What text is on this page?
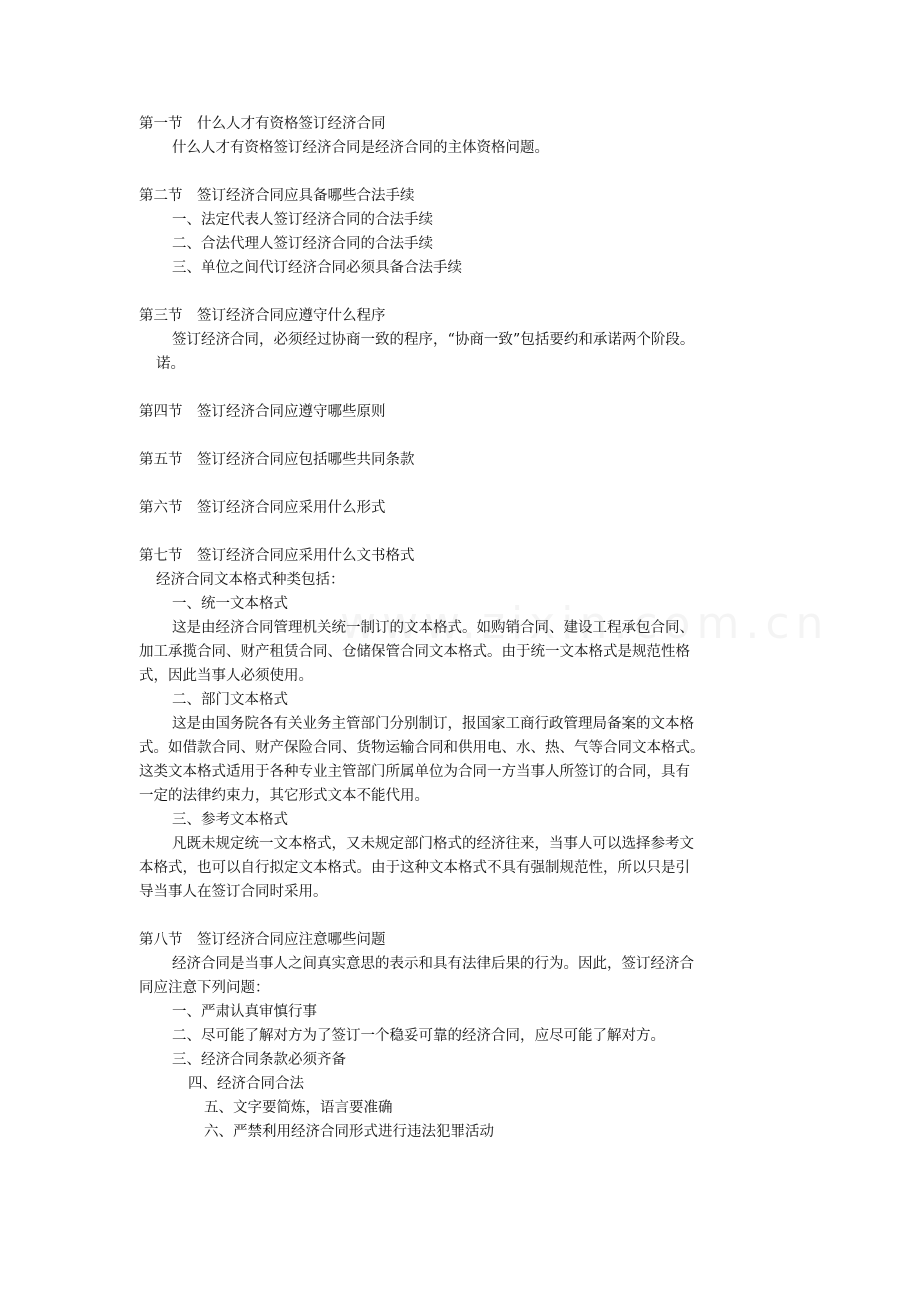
第一节　什么人才有资格签订经济合同
什么人才有资格签订经济合同是经济合同的主体资格问题。
第二节　签订经济合同应具备哪些合法手续
一、法定代表人签订经济合同的合法手续
二、合法代理人签订经济合同的合法手续
三、单位之间代订经济合同必须具备合法手续
第三节　签订经济合同应遵守什么程序
签订经济合同，必须经过协商一致的程序，“协商一致”包括要约和承诺两个阶段。
诺。
第四节　签订经济合同应遵守哪些原则
第五节　签订经济合同应包括哪些共同条款
第六节　签订经济合同应采用什么形式
第七节　签订经济合同应采用什么文书格式
经济合同文本格式种类包括：
一、统一文本格式
这是由经济合同管理机关统一制订的文本格式。如购销合同、建设工程承包合同、
加工承揽合同、财产租赁合同、仓储保管合同文本格式。由于统一文本格式是规范性格
式，因此当事人必须使用。
二、部门文本格式
这是由国务院各有关业务主管部门分别制订，报国家工商行政管理局备案的文本格
式。如借款合同、财产保险合同、货物运输合同和供用电、水、热、气等合同文本格式。
这类文本格式适用于各种专业主管部门所属单位为合同一方当事人所签订的合同，具有
一定的法律约束力，其它形式文本不能代用。
三、参考文本格式
凡既未规定统一文本格式，又未规定部门格式的经济往来，当事人可以选择参考文
本格式，也可以自行拟定文本格式。由于这种文本格式不具有强制规范性，所以只是引
导当事人在签订合同时采用。
第八节　签订经济合同应注意哪些问题
经济合同是当事人之间真实意思的表示和具有法律后果的行为。因此，签订经济合
同应注意下列问题：
一、严肃认真审慎行事
二、尽可能了解对方为了签订一个稳妥可靠的经济合同，应尽可能了解对方。
三、经济合同条款必须齐备
四、经济合同合法
五、文字要简炼，语言要准确
六、严禁利用经济合同形式进行违法犯罪活动
